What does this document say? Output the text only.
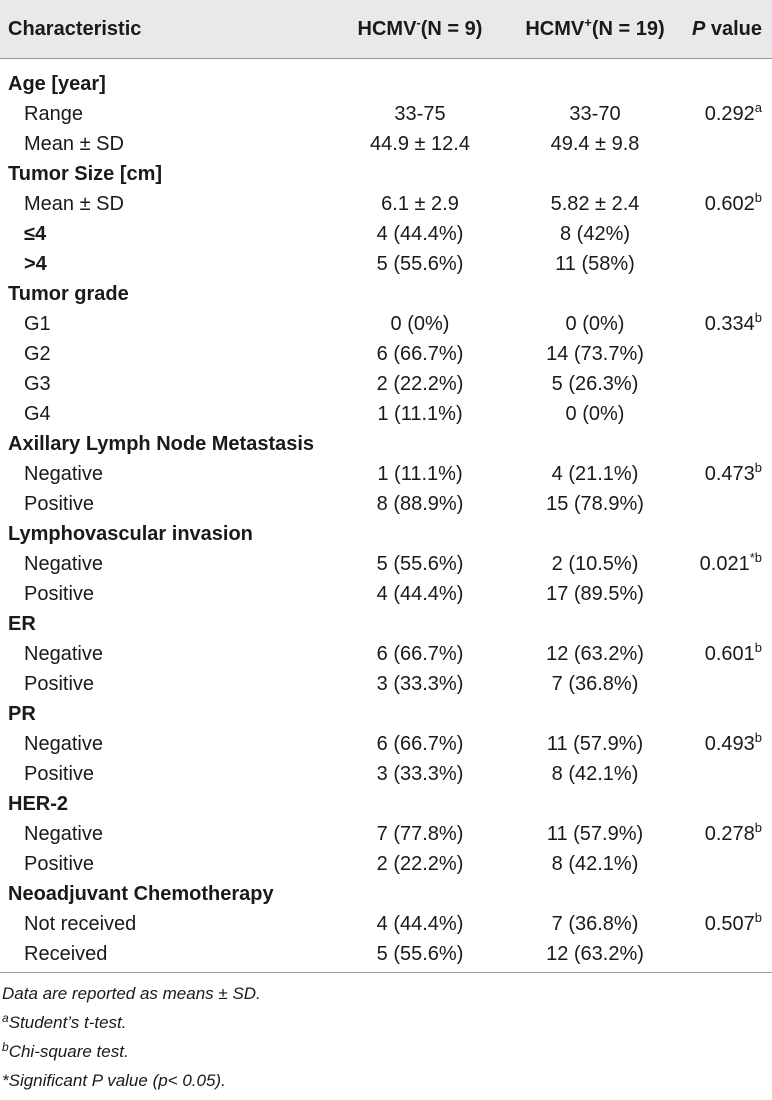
Characteristic	HCMV-(N = 9)	HCMV+(N = 19)	P value
Age [year]
Range	33-75	33-70	0.292$^a$
Mean ± SD	44.9 ± 12.4	49.4 ± 9.8
Tumor Size [cm]
Mean ± SD	6.1 ± 2.9	5.82 ± 2.4	0.602$^b$
≤4	4 (44.4%)	8 (42%)
>4	5 (55.6%)	11 (58%)
Tumor grade
G1	0 (0%)	0 (0%)	0.334$^b$
G2	6 (66.7%)	14 (73.7%)
G3	2 (22.2%)	5 (26.3%)
G4	1 (11.1%)	0 (0%)
Axillary Lymph Node Metastasis
Negative	1 (11.1%)	4 (21.1%)	0.473$^b$
Positive	8 (88.9%)	15 (78.9%)
Lymphovascular invasion
Negative	5 (55.6%)	2 (10.5%)	0.021$^{*b}$
Positive	4 (44.4%)	17 (89.5%)
ER
Negative	6 (66.7%)	12 (63.2%)	0.601$^b$
Positive	3 (33.3%)	7 (36.8%)
PR
Negative	6 (66.7%)	11 (57.9%)	0.493$^b$
Positive	3 (33.3%)	8 (42.1%)
HER-2
Negative	7 (77.8%)	11 (57.9%)	0.278$^b$
Positive	2 (22.2%)	8 (42.1%)
Neoadjuvant Chemotherapy
Not received	4 (44.4%)	7 (36.8%)	0.507$^b$
Received	5 (55.6%)	12 (63.2%)
Data are reported as means ± SD.
$^a$Student’s t-test.
$^b$Chi-square test.
*Significant P value (p< 0.05).
